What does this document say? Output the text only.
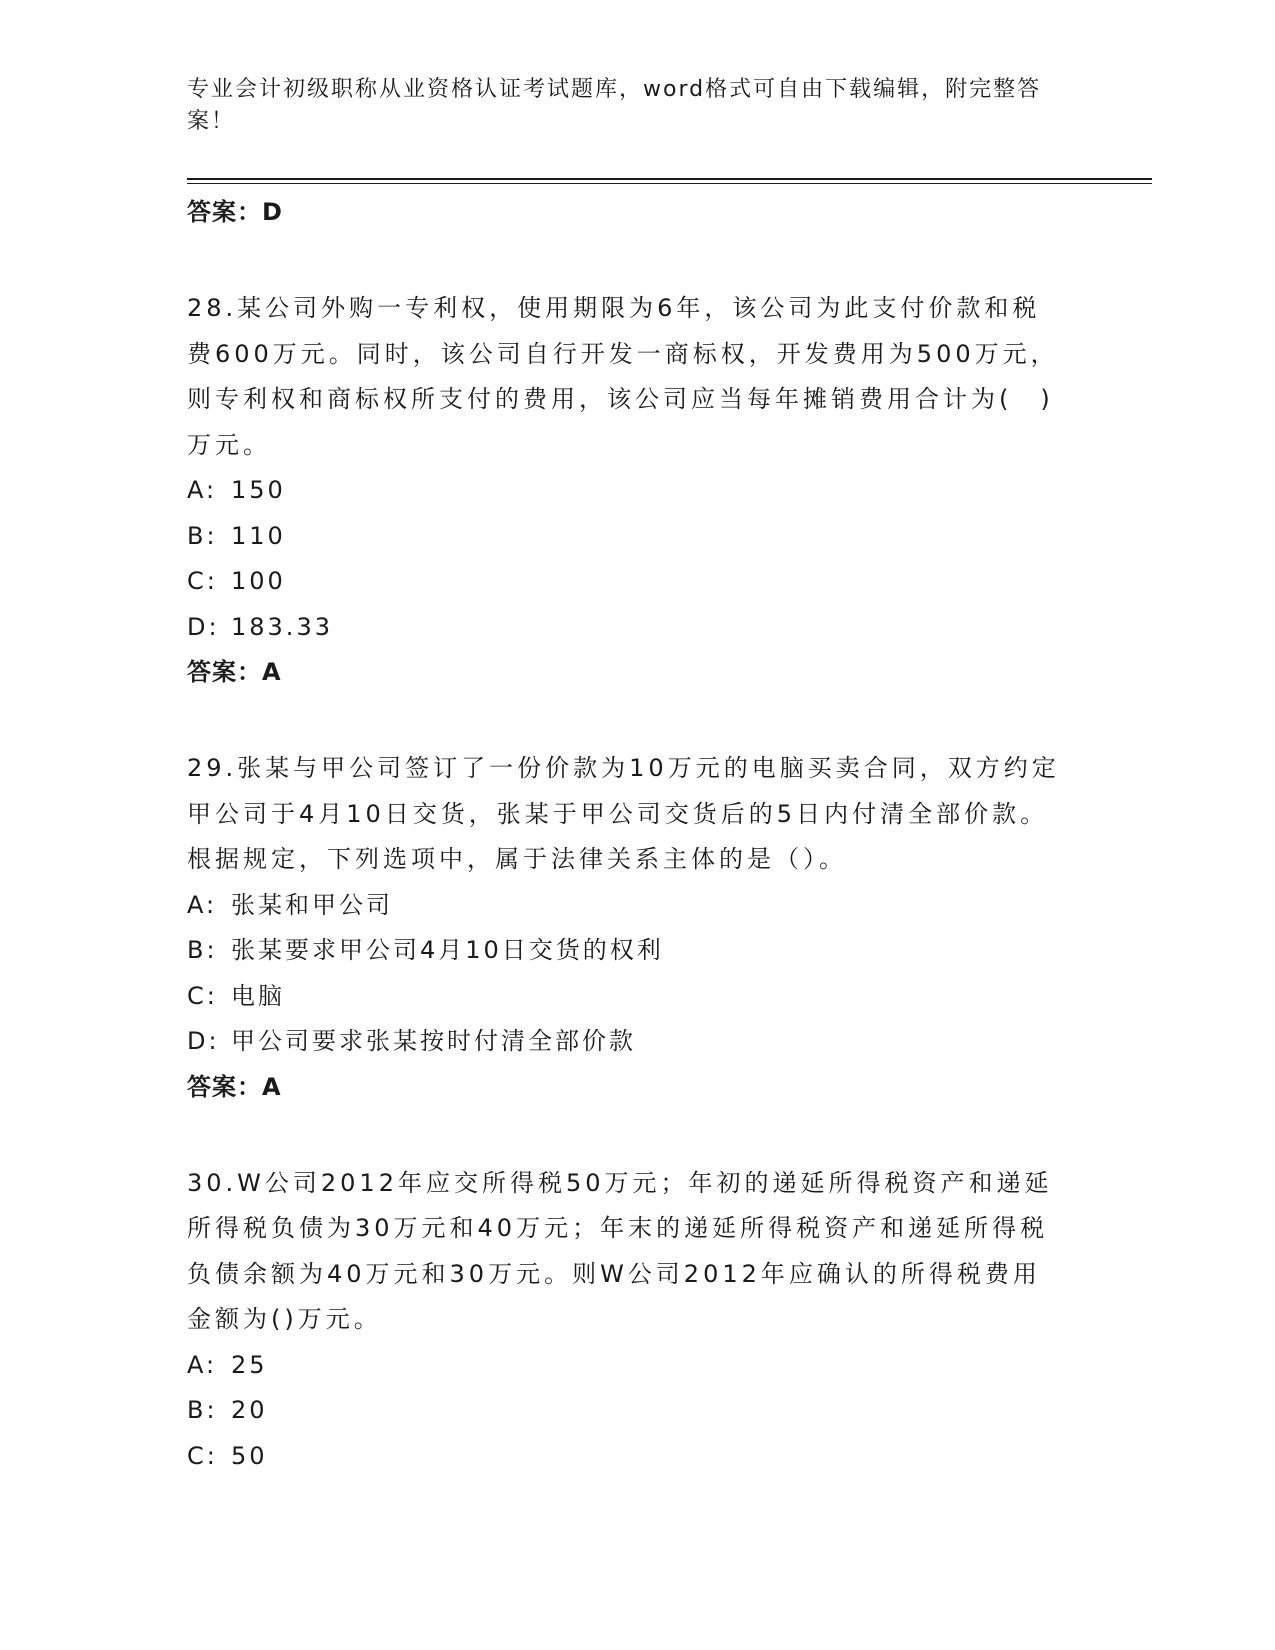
专业会计初级职称从业资格认证考试题库，word格式可自由下载编辑，附完整答案！
答案：D
28.某公司外购一专利权，使用期限为6年，该公司为此支付价款和税费600万元。同时，该公司自行开发一商标权，开发费用为500万元，则专利权和商标权所支付的费用，该公司应当每年摊销费用合计为(　)万元。
A: 150
B: 110
C: 100
D: 183.33
答案：A
29.张某与甲公司签订了一份价款为10万元的电脑买卖合同，双方约定甲公司于4月10日交货，张某于甲公司交货后的5日内付清全部价款。根据规定，下列选项中，属于法律关系主体的是（）。
A: 张某和甲公司
B: 张某要求甲公司4月10日交货的权利
C: 电脑
D: 甲公司要求张某按时付清全部价款
答案：A
30.W公司2012年应交所得税50万元；年初的递延所得税资产和递延所得税负债为30万元和40万元；年末的递延所得税资产和递延所得税负债余额为40万元和30万元。则W公司2012年应确认的所得税费用金额为()万元。
A: 25
B: 20
C: 50
